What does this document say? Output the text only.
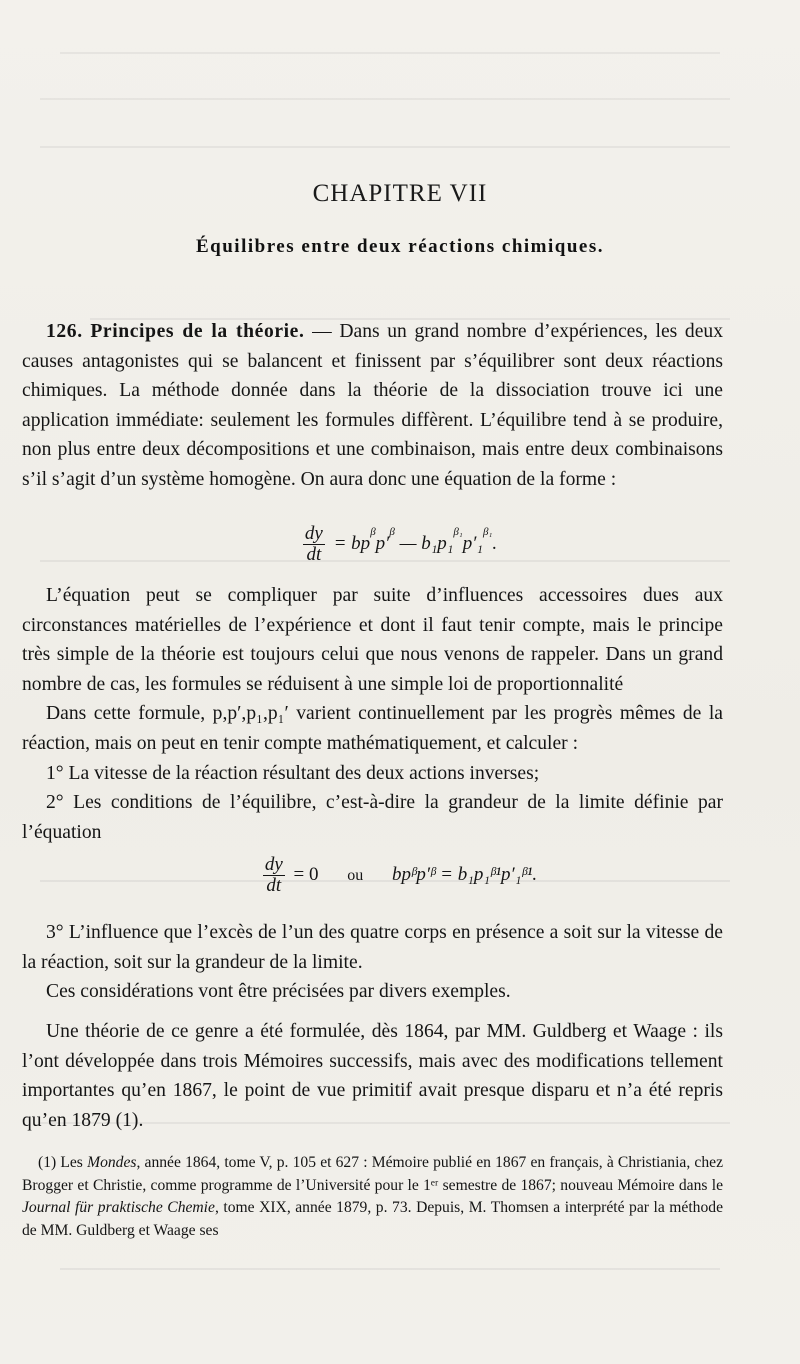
CHAPITRE VII
Équilibres entre deux réactions chimiques.

126. Principes de la théorie. — Dans un grand nombre d’expériences, les deux causes antagonistes qui se balancent et finissent par s’équilibrer sont deux réactions chimiques. La méthode donnée dans la théorie de la dissociation trouve ici une application immédiate: seulement les formules diffèrent. L’équilibre tend à se produire, non plus entre deux décompositions et une combinaison, mais entre deux combinaisons s’il s’agit d’un système homogène. On aura donc une équation de la forme :

$\frac{dy}{dt} = bp^\beta p'^\beta$ — b₁p₁$^{\beta_1}$p′₁$^{\beta_1}$.

L’équation peut se compliquer par suite d’influences accessoires dues aux circonstances matérielles de l’expérience et dont il faut tenir compte, mais le principe très simple de la théorie est toujours celui que nous venons de rappeler. Dans un grand nombre de cas, les formules se réduisent à une simple loi de proportionnalité

Dans cette formule, p,p′,p₁,p₁′ varient continuellement par les progrès mêmes de la réaction, mais on peut en tenir compte mathématiquement, et calculer :

1° La vitesse de la réaction résultant des deux actions inverses;

2° Les conditions de l’équilibre, c’est-à-dire la grandeur de la limite définie par l’équation

$\frac{dy}{dt} = 0$ ou bpᵝp′ᵝ = b₁p₁ᵝ¹p′₁ᵝ¹.

3° L’influence que l’excès de l’un des quatre corps en présence a soit sur la vitesse de la réaction, soit sur la grandeur de la limite.

Ces considérations vont être précisées par divers exemples.

Une théorie de ce genre a été formulée, dès 1864, par MM. Guldberg et Waage : ils l’ont développée dans trois Mémoires successifs, mais avec des modifications tellement importantes qu’en 1867, le point de vue primitif avait presque disparu et n’a été repris qu’en 1879 (1).

(1) Les Mondes, année 1864, tome V, p. 105 et 627 : Mémoire publié en 1867 en français, à Christiania, chez Brogger et Christie, comme programme de l’Université pour le 1ᵉʳ semestre de 1867; nouveau Mémoire dans le Journal für praktische Chemie, tome XIX, année 1879, p. 73. Depuis, M. Thomsen a interprété par la méthode de MM. Guldberg et Waage ses
